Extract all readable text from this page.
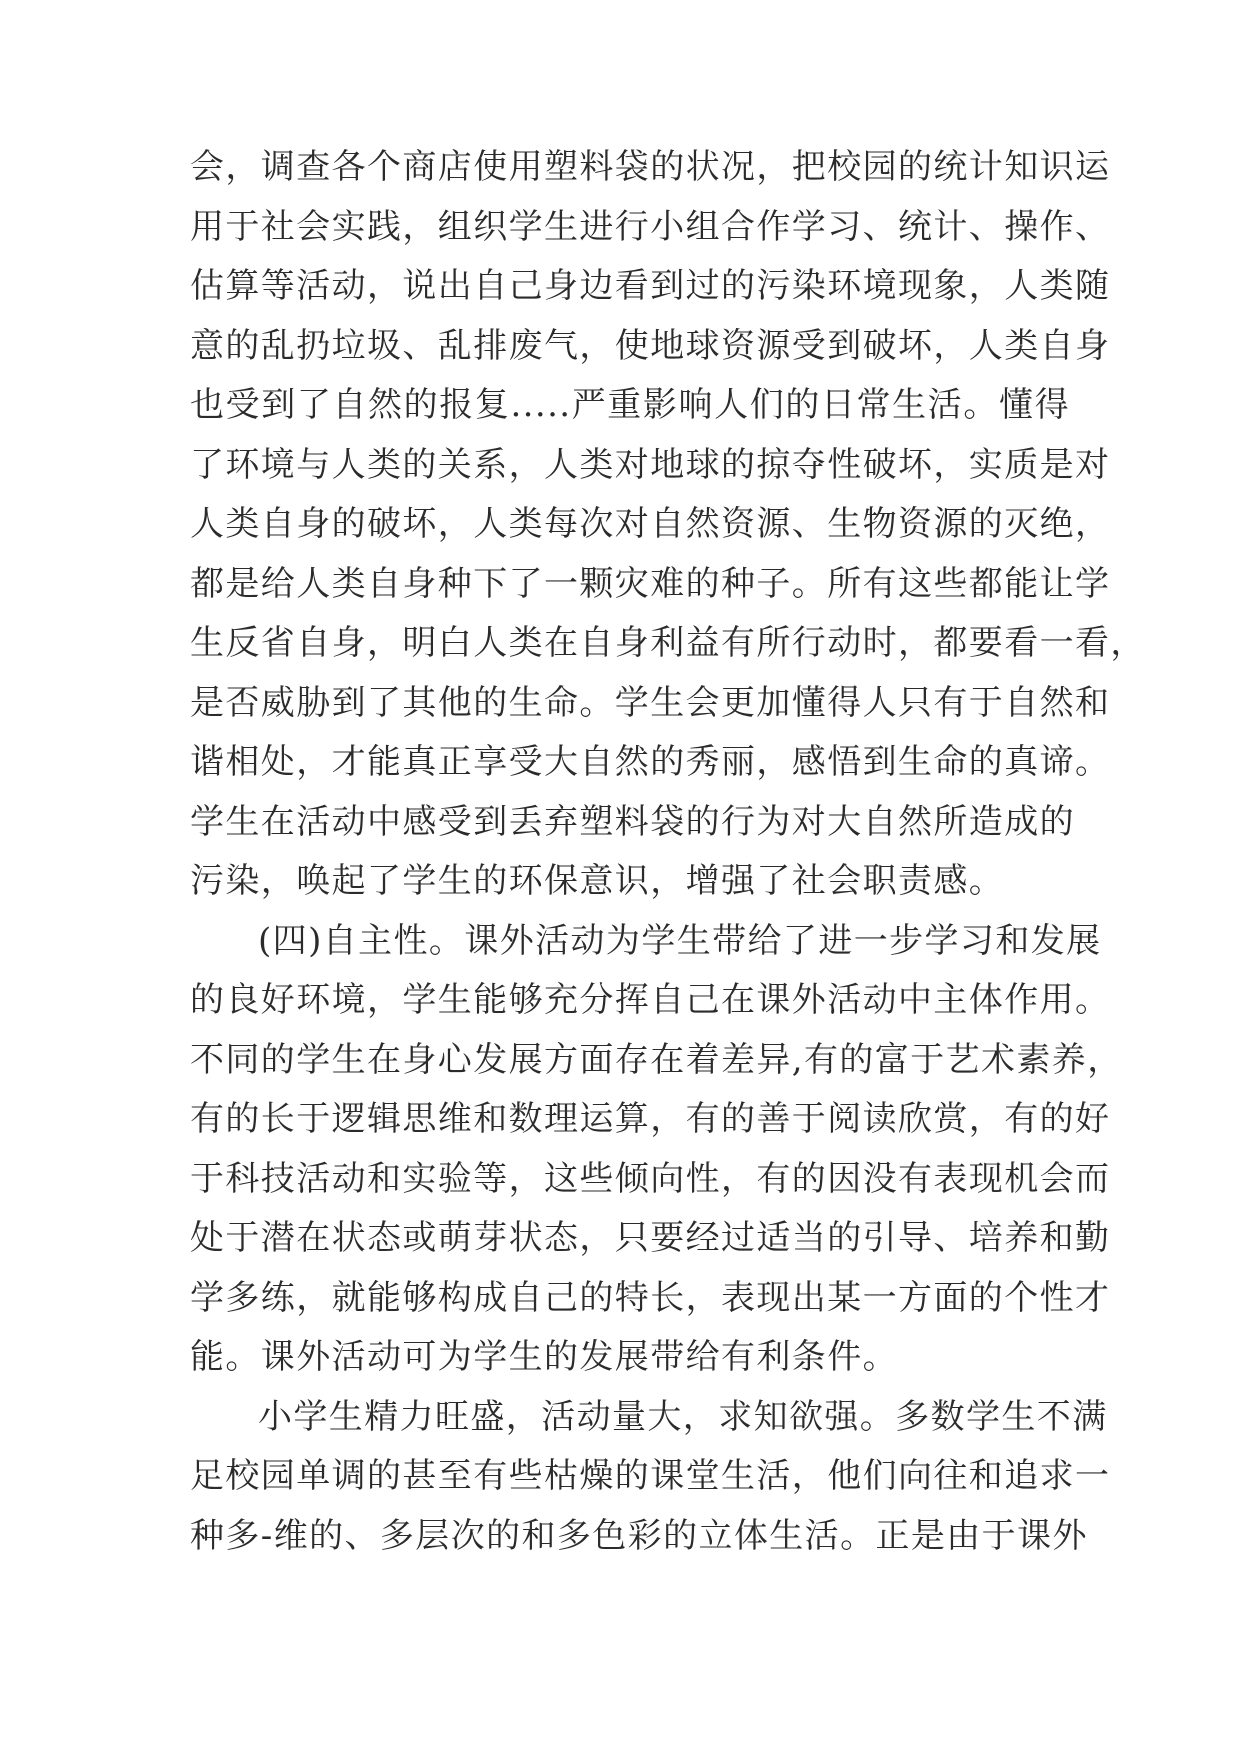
会，调查各个商店使用塑料袋的状况，把校园的统计知识运
用于社会实践，组织学生进行小组合作学习、统计、操作、
估算等活动，说出自己身边看到过的污染环境现象，人类随
意的乱扔垃圾、乱排废气，使地球资源受到破坏，人类自身
也受到了自然的报复.....严重影响人们的日常生活。懂得
了环境与人类的关系，人类对地球的掠夺性破坏，实质是对
人类自身的破坏，人类每次对自然资源、生物资源的灭绝，
都是给人类自身种下了一颗灾难的种子。所有这些都能让学
生反省自身，明白人类在自身利益有所行动时，都要看一看，
是否威胁到了其他的生命。学生会更加懂得人只有于自然和
谐相处，才能真正享受大自然的秀丽，感悟到生命的真谛。
学生在活动中感受到丢弃塑料袋的行为对大自然所造成的
污染，唤起了学生的环保意识，增强了社会职责感。
(四)自主性。课外活动为学生带给了进一步学习和发展
的良好环境，学生能够充分挥自己在课外活动中主体作用。
不同的学生在身心发展方面存在着差异,有的富于艺术素养，
有的长于逻辑思维和数理运算，有的善于阅读欣赏，有的好
于科技活动和实验等，这些倾向性，有的因没有表现机会而
处于潜在状态或萌芽状态，只要经过适当的引导、培养和勤
学多练，就能够构成自己的特长，表现出某一方面的个性才
能。课外活动可为学生的发展带给有利条件。
小学生精力旺盛，活动量大，求知欲强。多数学生不满
足校园单调的甚至有些枯燥的课堂生活，他们向往和追求一
种多-维的、多层次的和多色彩的立体生活。正是由于课外
